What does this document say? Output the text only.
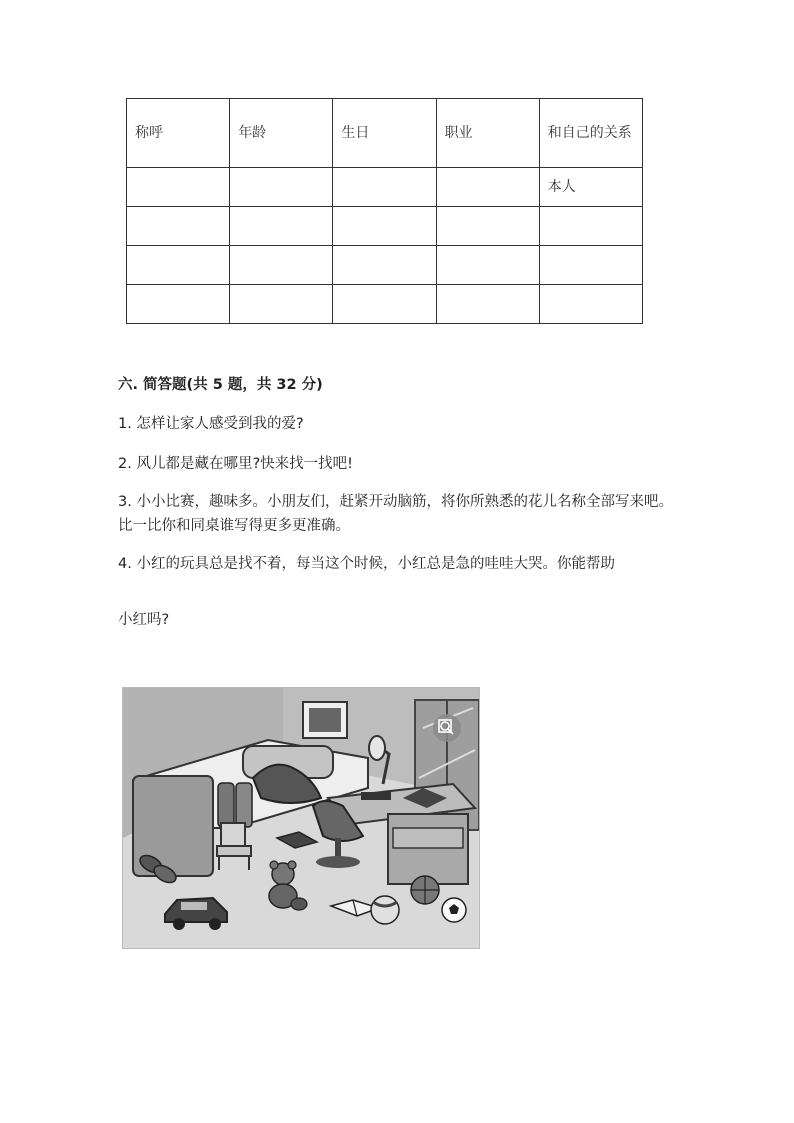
称呼	年龄	生日	职业	和自己的关系
				本人

六. 简答题(共 5 题，共 32 分)

1. 怎样让家人感受到我的爱?

2. 风儿都是藏在哪里?快来找一找吧!

3. 小小比赛，趣味多。小朋友们，赶紧开动脑筋，将你所熟悉的花儿名称全部写来吧。比一比你和同桌谁写得更多更准确。

4. 小红的玩具总是找不着，每当这个时候，小红总是急的哇哇大哭。你能帮助

小红吗?
